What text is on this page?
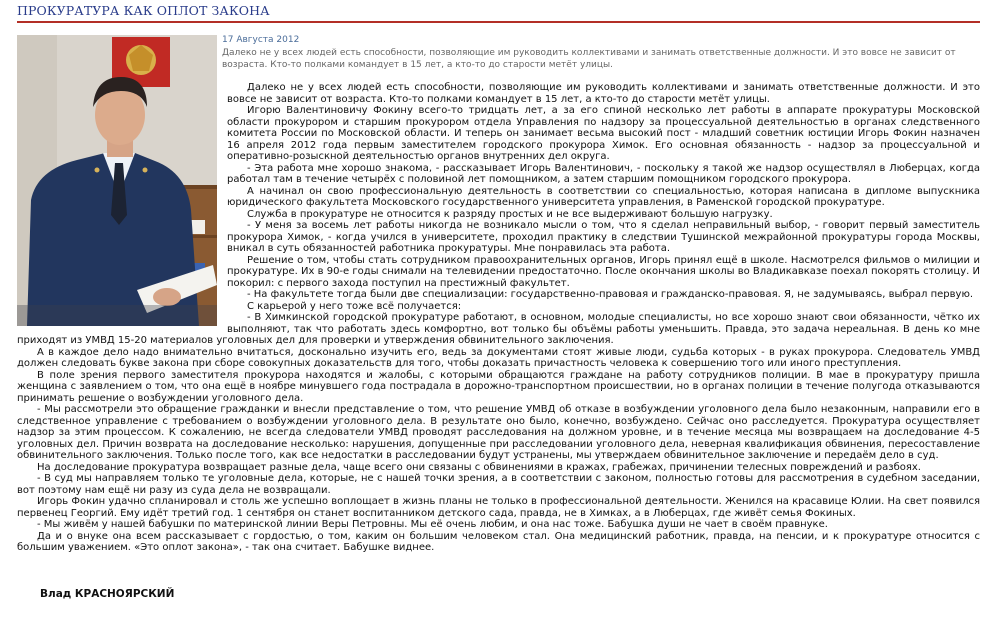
ПРОКУРАТУРА КАК ОПЛОТ ЗАКОНА
17 Августа 2012
Далеко не у всех людей есть способности, позволяющие им руководить коллективами и занимать ответственные должности. И это вовсе не зависит от возраста. Кто-то полками командует в 15 лет, а кто-то до старости метёт улицы.

Далеко не у всех людей есть способности, позволяющие им руководить коллективами и занимать ответственные должности. И это вовсе не зависит от возраста. Кто-то полками командует в 15 лет, а кто-то до старости метёт улицы.

Игорю Валентиновичу Фокину всего-то тридцать лет, а за его спиной несколько лет работы в аппарате прокуратуры Московской области прокурором и старшим прокурором отдела Управления по надзору за процессуальной деятельностью в органах следственного комитета России по Московской области. И теперь он занимает весьма высокий пост - младший советник юстиции Игорь Фокин назначен 16 апреля 2012 года первым заместителем городского прокурора Химок. Его основная обязанность - надзор за процессуальной и оперативно-розыскной деятельностью органов внутренних дел округа.

- Эта работа мне хорошо знакома, - рассказывает Игорь Валентинович, - поскольку я такой же надзор осуществлял в Люберцах, когда работал там в течение четырёх с половиной лет помощником, а затем старшим помощником городского прокурора.

А начинал он свою профессиональную деятельность в соответствии со специальностью, которая написана в дипломе выпускника юридического факультета Московского государственного университета управления, в Раменской городской прокуратуре.

Служба в прокуратуре не относится к разряду простых и не все выдерживают большую нагрузку.

- У меня за восемь лет работы никогда не возникало мысли о том, что я сделал неправильный выбор, - говорит первый заместитель прокурора Химок, - когда учился в университете, проходил практику в следствии Тушинской межрайонной прокуратуры города Москвы, вникал в суть обязанностей работника прокуратуры. Мне понравилась эта работа.

Решение о том, чтобы стать сотрудником правоохранительных органов, Игорь принял ещё в школе. Насмотрелся фильмов о милиции и прокуратуре. Их в 90-е годы снимали на телевидении предостаточно. После окончания школы во Владикавказе поехал покорять столицу. И покорил: с первого захода поступил на престижный факультет.

- На факультете тогда были две специализации: государственно-правовая и гражданско-правовая. Я, не задумываясь, выбрал первую.

С карьерой у него тоже всё получается:

- В Химкинской городской прокуратуре работают, в основном, молодые специалисты, но все хорошо знают свои обязанности, чётко их выполняют, так что работать здесь комфортно, вот только бы объёмы работы уменьшить. Правда, это задача нереальная. В день ко мне приходят из УМВД 15-20 материалов уголовных дел для проверки и утверждения обвинительного заключения.

А в каждое дело надо внимательно вчитаться, досконально изучить его, ведь за документами стоят живые люди, судьба которых - в руках прокурора. Следователь УМВД должен следовать букве закона при сборе совокупных доказательств для того, чтобы доказать причастность человека к совершению того или иного преступления.

В поле зрения первого заместителя прокурора находятся и жалобы, с которыми обращаются граждане на работу сотрудников полиции. В мае в прокуратуру пришла женщина с заявлением о том, что она ещё в ноябре минувшего года пострадала в дорожно-транспортном происшествии, но в органах полиции в течение полугода отказываются принимать решение о возбуждении уголовного дела.

- Мы рассмотрели это обращение гражданки и внесли представление о том, что решение УМВД об отказе в возбуждении уголовного дела было незаконным, направили его в следственное управление с требованием о возбуждении уголовного дела. В результате оно было, конечно, возбуждено. Сейчас оно расследуется. Прокуратура осуществляет надзор за этим процессом. К сожалению, не всегда следователи УМВД проводят расследования на должном уровне, и в течение месяца мы возвращаем на доследование 4-5 уголовных дел. Причин возврата на доследование несколько: нарушения, допущенные при расследовании уголовного дела, неверная квалификация обвинения, пересоставление обвинительного заключения. Только после того, как все недостатки в расследовании будут устранены, мы утверждаем обвинительное заключение и передаём дело в суд.

На доследование прокуратура возвращает разные дела, чаще всего они связаны с обвинениями в кражах, грабежах, причинении телесных повреждений и разбоях.

- В суд мы направляем только те уголовные дела, которые, не с нашей точки зрения, а в соответствии с законом, полностью готовы для рассмотрения в судебном заседании, вот поэтому нам ещё ни разу из суда дела не возвращали.

Игорь Фокин удачно спланировал и столь же успешно воплощает в жизнь планы не только в профессиональной деятельности. Женился на красавице Юлии. На свет появился первенец Георгий. Ему идёт третий год. 1 сентября он станет воспитанником детского сада, правда, не в Химках, а в Люберцах, где живёт семья Фокиных.

- Мы живём у нашей бабушки по материнской линии Веры Петровны. Мы её очень любим, и она нас тоже. Бабушка души не чает в своём правнуке.

Да и о внуке она всем рассказывает с гордостью, о том, каким он большим человеком стал. Она медицинский работник, правда, на пенсии, и к прокуратуре относится с большим уважением. «Это оплот закона», - так она считает. Бабушке виднее.

Влад КРАСНОЯРСКИЙ
